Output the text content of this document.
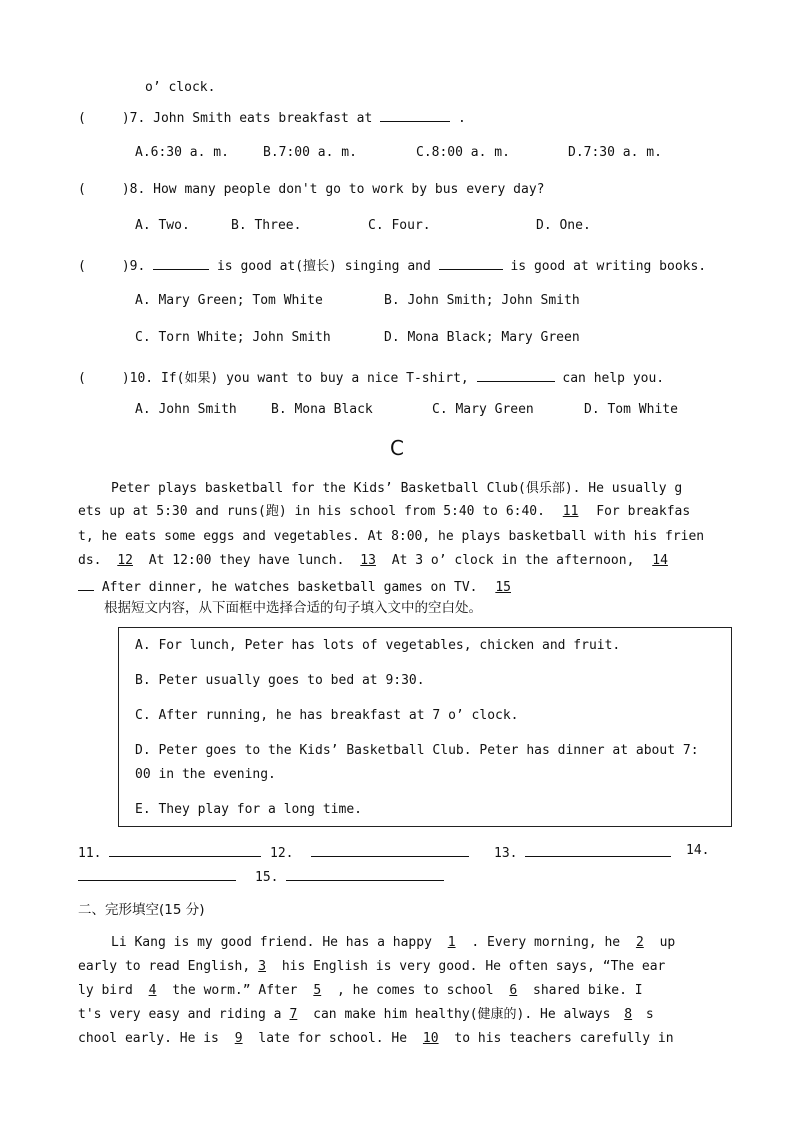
o’ clock.
(	)7. John Smith eats breakfast at	.
A.6:30 a. m.	B.7:00 a. m.	C.8:00 a. m.	D.7:30 a. m.
(	)8. How many people don't go to work by bus every day?
A. Two.	B. Three.	C. Four.	D. One.
(	)9.	is good at(擅长) singing and	is good at writing books.
A. Mary Green; Tom White	B. John Smith; John Smith
C. Torn White; John Smith	D. Mona Black; Mary Green
(	)10. If(如果) you want to buy a nice T-shirt,	can help you.
A. John Smith	B. Mona Black	C. Mary Green	D. Tom White
C
Peter plays basketball for the Kids’ Basketball Club(俱乐部). He usually g
ets up at 5:30 and runs(跑) in his school from 5:40 to 6:40. 11 For breakfas
t, he eats some eggs and vegetables. At 8:00, he plays basketball with his frien
ds. 12 At 12:00 they have lunch. 13 At 3 o’ clock in the afternoon, 14
After dinner, he watches basketball games on TV. 15
根据短文内容，从下面框中选择合适的句子填入文中的空白处。
A. For lunch, Peter has lots of vegetables, chicken and fruit.
B. Peter usually goes to bed at 9:30.
C. After running, he has breakfast at 7 o’ clock.
D. Peter goes to the Kids’ Basketball Club. Peter has dinner at about 7:
00 in the evening.
E. They play for a long time.
11.	12.	13.	14.
15.
二、完形填空(15 分)
Li Kang is my good friend. He has a happy 1 . Every morning, he 2 up
early to read English, 3 his English is very good. He often says, “The ear
ly bird 4 the worm.” After 5 , he comes to school 6 shared bike. I
t's very easy and riding a 7 can make him healthy(健康的). He always 8 s
chool early. He is 9 late for school. He 10 to his teachers carefully in
